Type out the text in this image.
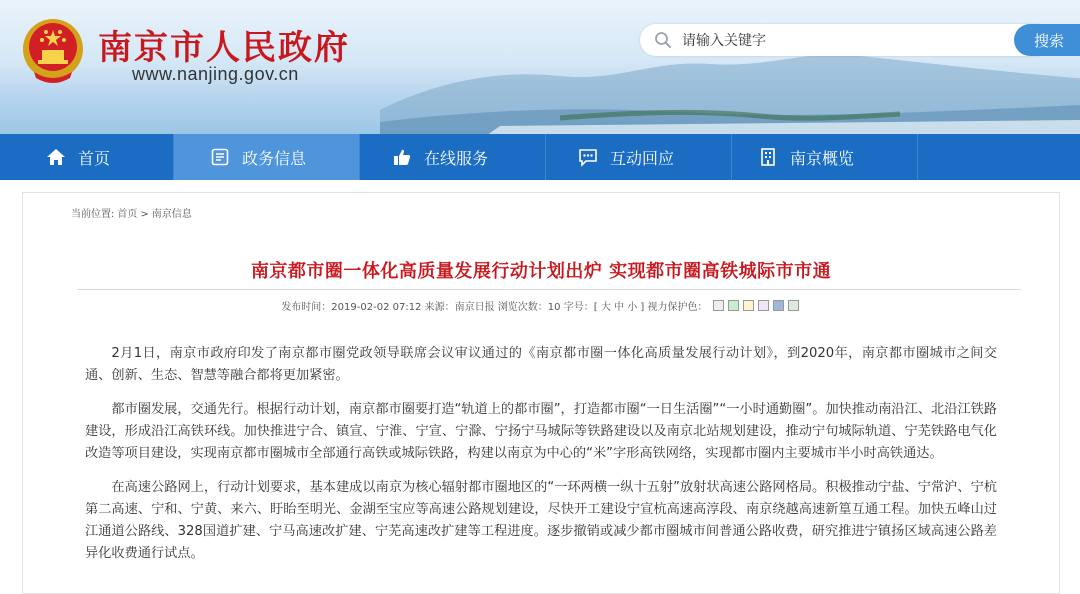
南京市人民政府
www.nanjing.gov.cn
请输入关键字
搜索
首页	政务信息	在线服务	互动回应	南京概览
当前位置: 首页 > 南京信息
南京都市圈一体化高质量发展行动计划出炉 实现都市圈高铁城际市市通
发布时间：2019-02-02 07:12 来源：南京日报 浏览次数：10 字号：[ 大 中 小 ] 视力保护色：

2月1日，南京市政府印发了南京都市圈党政领导联席会议审议通过的《南京都市圈一体化高质量发展行动计划》，到2020年，南京都市圈城市之间交通、创新、生态、智慧等融合都将更加紧密。

都市圈发展，交通先行。根据行动计划，南京都市圈要打造“轨道上的都市圈”，打造都市圈“一日生活圈”“一小时通勤圈”。加快推动南沿江、北沿江铁路建设，形成沿江高铁环线。加快推进宁合、镇宣、宁淮、宁宣、宁滁、宁扬宁马城际等铁路建设以及南京北站规划建设，推动宁句城际轨道、宁芜铁路电气化改造等项目建设，实现南京都市圈城市全部通行高铁或城际铁路，构建以南京为中心的“米”字形高铁网络，实现都市圈内主要城市半小时高铁通达。

在高速公路网上，行动计划要求，基本建成以南京为核心辐射都市圈地区的“一环两横一纵十五射”放射状高速公路网格局。积极推动宁盐、宁常沪、宁杭第二高速、宁和、宁黄、来六、盱眙至明光、金湖至宝应等高速公路规划建设，尽快开工建设宁宣杭高速高淳段、南京绕越高速新篁互通工程。加快五峰山过江通道公路线、328国道扩建、宁马高速改扩建、宁芜高速改扩建等工程进度。逐步撤销或减少都市圈城市间普通公路收费，研究推进宁镇扬区域高速公路差异化收费通行试点。
